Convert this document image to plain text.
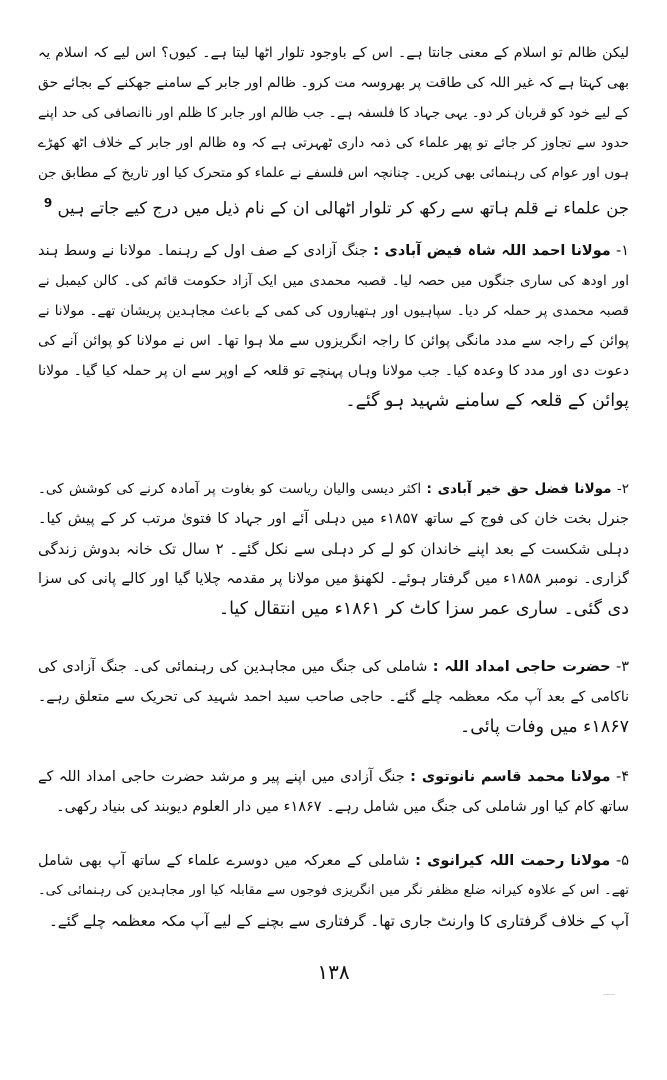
لیکن ظالم تو اسلام کے معنی جانتا ہے۔ اس کے باوجود تلوار اٹھا لیتا ہے۔ کیوں؟ اس لیے کہ اسلام یہ
بھی کہتا ہے کہ غیر اللہ کی طاقت پر بھروسہ مت کرو۔ ظالم اور جابر کے سامنے جھکنے کے بجائے حق
کے لیے خود کو قربان کر دو۔ یہی جہاد کا فلسفہ ہے۔ جب ظالم اور جابر کا ظلم اور ناانصافی کی حد اپنے
حدود سے تجاوز کر جائے تو پھر علماء کی ذمہ داری ٹھہرتی ہے کہ وہ ظالم اور جابر کے خلاف اٹھ کھڑے
ہوں اور عوام کی رہنمائی بھی کریں۔ چنانچہ اس فلسفے نے علماء کو متحرک کیا اور تاریخ کے مطابق جن
جن علماء نے قلم ہاتھ سے رکھ کر تلوار اٹھالی ان کے نام ذیل میں درج کیے جاتے ہیں $^9$
۱- مولانا احمد اللہ شاہ فیض آبادی : جنگ آزادی کے صف اول کے رہنما۔ مولانا نے وسط ہند
اور اودھ کی ساری جنگوں میں حصہ لیا۔ قصبہ محمدی میں ایک آزاد حکومت قائم کی۔ کالن کیمبل نے
قصبہ محمدی پر حملہ کر دیا۔ سپاہیوں اور ہتھیاروں کی کمی کے باعث مجاہدین پریشان تھے۔ مولانا نے
پوائن کے راجہ سے مدد مانگی پوائن کا راجہ انگریزوں سے ملا ہوا تھا۔ اس نے مولانا کو پوائن آنے کی
دعوت دی اور مدد کا وعدہ کیا۔ جب مولانا وہاں پہنچے تو قلعہ کے اوپر سے ان پر حملہ کیا گیا۔ مولانا
پوائن کے قلعہ کے سامنے شہید ہو گئے۔
۲- مولانا فضل حق خیر آبادی : اکثر دیسی والیان ریاست کو بغاوت پر آمادہ کرنے کی کوشش کی۔
جنرل بخت خان کی فوج کے ساتھ ۱۸۵۷ء میں دہلی آئے اور جہاد کا فتویٰ مرتب کر کے پیش کیا۔
دہلی شکست کے بعد اپنے خاندان کو لے کر دہلی سے نکل گئے۔ ۲ سال تک خانہ بدوش زندگی
گزاری۔ نومبر ۱۸۵۸ء میں گرفتار ہوئے۔ لکھنؤ میں مولانا پر مقدمہ چلایا گیا اور کالے پانی کی سزا
دی گئی۔ ساری عمر سزا کاٹ کر ۱۸۶۱ء میں انتقال کیا۔
۳- حضرت حاجی امداد اللہ : شاملی کی جنگ میں مجاہدین کی رہنمائی کی۔ جنگ آزادی کی
ناکامی کے بعد آپ مکہ معظمہ چلے گئے۔ حاجی صاحب سید احمد شہید کی تحریک سے متعلق رہے۔
۱۸۶۷ء میں وفات پائی۔
۴- مولانا محمد قاسم نانوتوی : جنگ آزادی میں اپنے پیر و مرشد حضرت حاجی امداد اللہ کے
ساتھ کام کیا اور شاملی کی جنگ میں شامل رہے۔ ۱۸۶۷ء میں دار العلوم دیوبند کی بنیاد رکھی۔
۵- مولانا رحمت اللہ کیرانوی : شاملی کے معرکہ میں دوسرے علماء کے ساتھ آپ بھی شامل
تھے۔ اس کے علاوہ کیرانہ ضلع مظفر نگر میں انگریزی فوجوں سے مقابلہ کیا اور مجاہدین کی رہنمائی کی۔
آپ کے خلاف گرفتاری کا وارنٹ جاری تھا۔ گرفتاری سے بچنے کے لیے آپ مکہ معظمہ چلے گئے۔
۱۳۸
